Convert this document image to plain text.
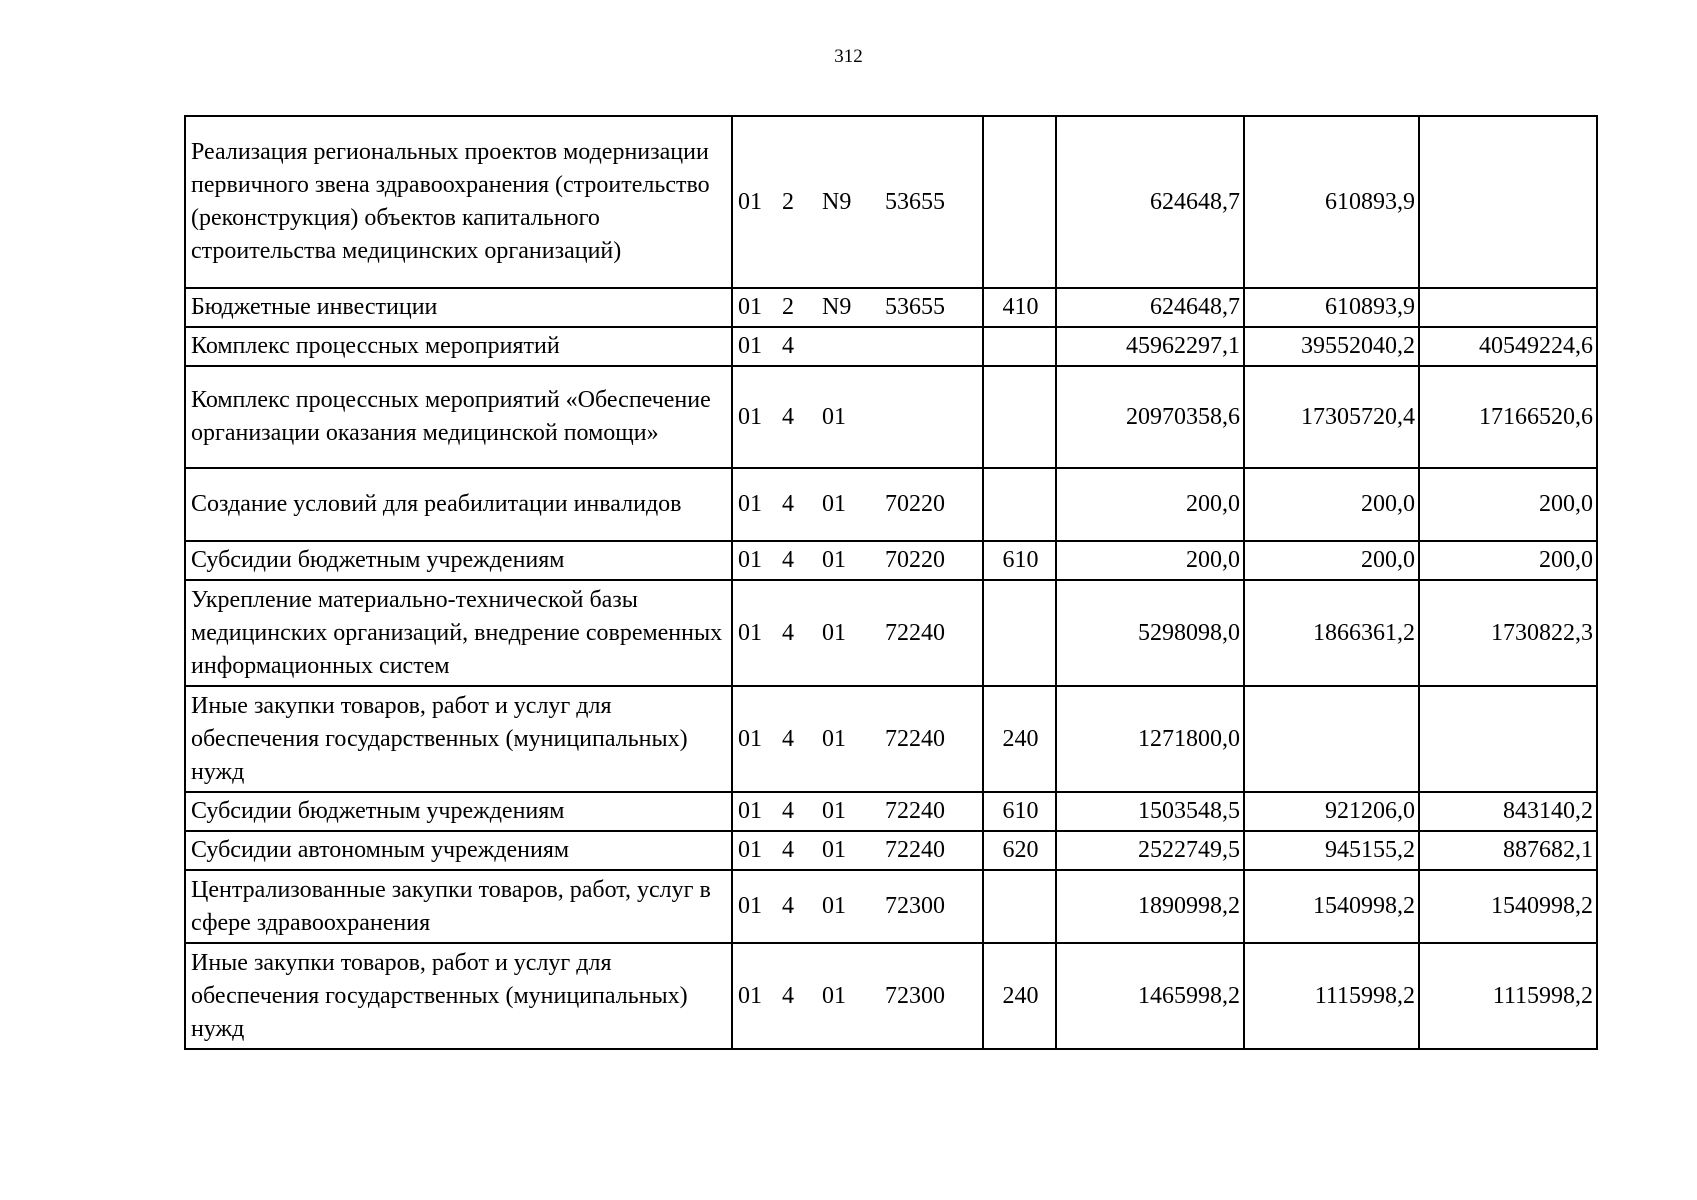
312
Реализация региональных проектов модернизации первичного звена здравоохранения (строительство (реконструкция) объектов капитального строительства медицинских организаций)	01 2 N9 53655		624648,7	610893,9	
Бюджетные инвестиции	01 2 N9 53655	410	624648,7	610893,9	
Комплекс процессных мероприятий	01 4		45962297,1	39552040,2	40549224,6
Комплекс процессных мероприятий «Обеспечение организации оказания медицинской помощи»	01 4 01		20970358,6	17305720,4	17166520,6
Создание условий для реабилитации инвалидов	01 4 01 70220		200,0	200,0	200,0
Субсидии бюджетным учреждениям	01 4 01 70220	610	200,0	200,0	200,0
Укрепление материально-технической базы медицинских организаций, внедрение современных информационных систем	01 4 01 72240		5298098,0	1866361,2	1730822,3
Иные закупки товаров, работ и услуг для обеспечения государственных (муниципальных) нужд	01 4 01 72240	240	1271800,0		
Субсидии бюджетным учреждениям	01 4 01 72240	610	1503548,5	921206,0	843140,2
Субсидии автономным учреждениям	01 4 01 72240	620	2522749,5	945155,2	887682,1
Централизованные закупки товаров, работ, услуг в сфере здравоохранения	01 4 01 72300		1890998,2	1540998,2	1540998,2
Иные закупки товаров, работ и услуг для обеспечения государственных (муниципальных) нужд	01 4 01 72300	240	1465998,2	1115998,2	1115998,2
